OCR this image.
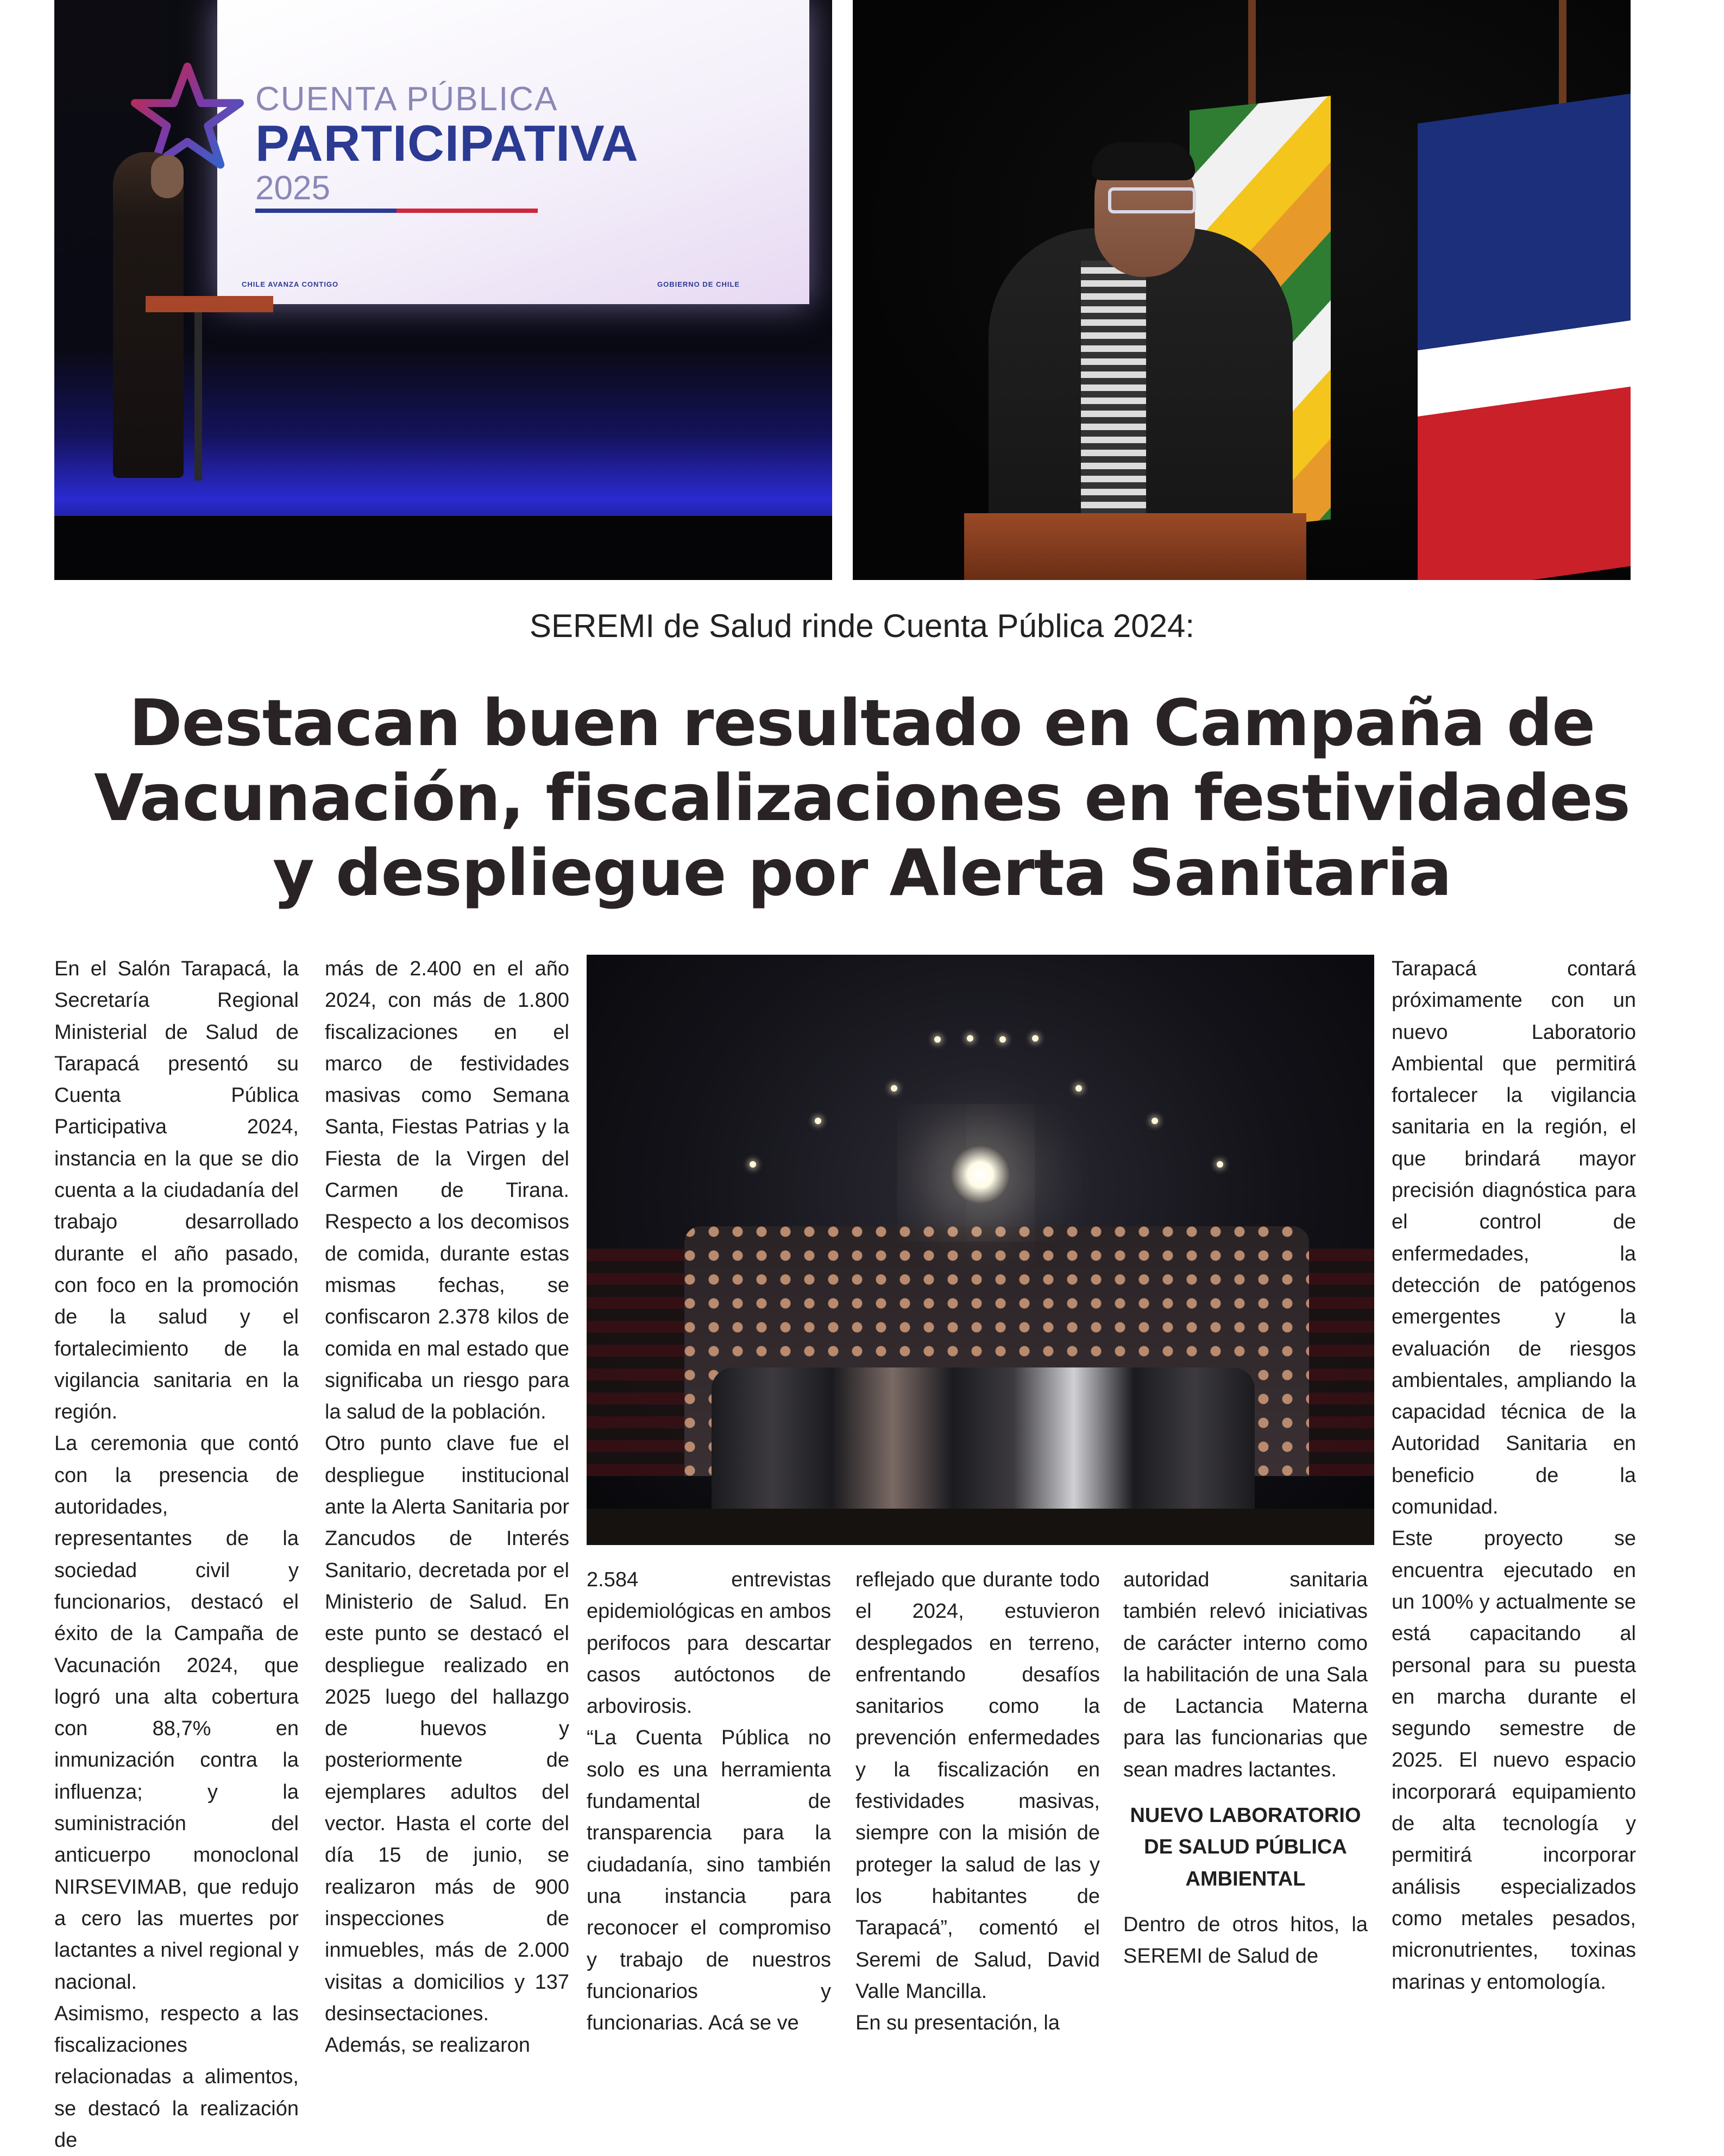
CUENTA PÚBLICA
PARTICIPATIVA
2025
CHILE AVANZA CONTIGO	GOBIERNO DE CHILE
SEREMI de Salud rinde Cuenta Pública 2024:
Destacan buen resultado en Campaña de Vacunación, fiscalizaciones en festividades y despliegue por Alerta Sanitaria

En el Salón Tarapacá, la Secretaría Regional Ministerial de Salud de Tarapacá presentó su Cuenta Pública Participativa 2024, instancia en la que se dio cuenta a la ciudadanía del trabajo desarrollado durante el año pasado, con foco en la promoción de la salud y el fortalecimiento de la vigilancia sanitaria en la región.

La ceremonia que contó con la presencia de autoridades, representantes de la sociedad civil y funcionarios, destacó el éxito de la Campaña de Vacunación 2024, que logró una alta cobertura con 88,7% en inmunización contra la influenza; y la suministración del anticuerpo monoclonal NIRSEVIMAB, que redujo a cero las muertes por lactantes a nivel regional y nacional.

Asimismo, respecto a las fiscalizaciones relacionadas a alimentos, se destacó la realización de

más de 2.400 en el año 2024, con más de 1.800 fiscalizaciones en el marco de festividades masivas como Semana Santa, Fiestas Patrias y la Fiesta de la Virgen del Carmen de Tirana. Respecto a los decomisos de comida, durante estas mismas fechas, se confiscaron 2.378 kilos de comida en mal estado que significaba un riesgo para la salud de la población.

Otro punto clave fue el despliegue institucional ante la Alerta Sanitaria por Zancudos de Interés Sanitario, decretada por el Ministerio de Salud. En este punto se destacó el despliegue realizado en 2025 luego del hallazgo de huevos y posteriormente de ejemplares adultos del vector. Hasta el corte del día 15 de junio, se realizaron más de 900 inspecciones de inmuebles, más de 2.000 visitas a domicilios y 137 desinsectaciones. Además, se realizaron

2.584 entrevistas epidemiológicas en ambos perifocos para descartar casos autóctonos de arbovirosis.

“La Cuenta Pública no solo es una herramienta fundamental de transparencia para la ciudadanía, sino también una instancia para reconocer el compromiso y trabajo de nuestros funcionarios y funcionarias. Acá se ve

reflejado que durante todo el 2024, estuvieron desplegados en terreno, enfrentando desafíos sanitarios como la prevención enfermedades y la fiscalización en festividades masivas, siempre con la misión de proteger la salud de las y los habitantes de Tarapacá”, comentó el Seremi de Salud, David Valle Mancilla.

En su presentación, la

autoridad sanitaria también relevó iniciativas de carácter interno como la habilitación de una Sala de Lactancia Materna para las funcionarias que sean madres lactantes.

NUEVO LABORATORIO DE SALUD PÚBLICA AMBIENTAL

Dentro de otros hitos, la SEREMI de Salud de

Tarapacá contará próximamente con un nuevo Laboratorio Ambiental que permitirá fortalecer la vigilancia sanitaria en la región, el que brindará mayor precisión diagnóstica para el control de enfermedades, la detección de patógenos emergentes y la evaluación de riesgos ambientales, ampliando la capacidad técnica de la Autoridad Sanitaria en beneficio de la comunidad.

Este proyecto se encuentra ejecutado en un 100% y actualmente se está capacitando al personal para su puesta en marcha durante el segundo semestre de 2025. El nuevo espacio incorporará equipamiento de alta tecnología y permitirá incorporar análisis especializados como metales pesados, micronutrientes, toxinas marinas y entomología.
